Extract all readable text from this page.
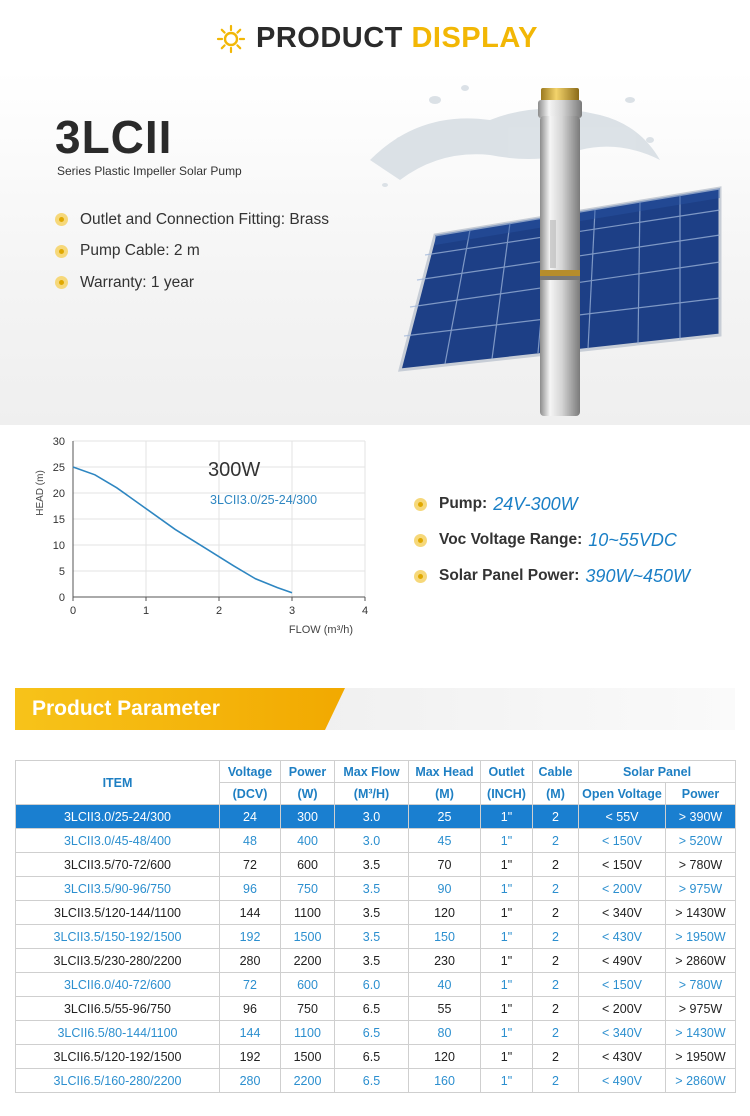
PRODUCT DISPLAY
3LCII
Series Plastic Impeller Solar Pump
Outlet and Connection Fitting: Brass
Pump Cable: 2 m
Warranty: 1 year
0
5
10
15
20
25
30
0	1	2	3	4
HEAD (m)
FLOW (m³/h)
300W
3LCII3.0/25-24/300	Pump: 24V-300W
Voc Voltage Range: 10~55VDC
Solar Panel Power: 390W~450W
Product Parameter
ITEM	Voltage	Power	Max Flow	Max Head	Outlet	Cable	Solar Panel	
	(DCV)	(W)	(M³/H)	(M)	(INCH)	(M)	Open Voltage	Power
3LCII3.0/25-24/300	24	300	3.0	25	1"	2	< 55V	> 390W
3LCII3.0/45-48/400	48	400	3.0	45	1"	2	< 150V	> 520W
3LCII3.5/70-72/600	72	600	3.5	70	1"	2	< 150V	> 780W
3LCII3.5/90-96/750	96	750	3.5	90	1"	2	< 200V	> 975W
3LCII3.5/120-144/1100	144	1100	3.5	120	1"	2	< 340V	> 1430W
3LCII3.5/150-192/1500	192	1500	3.5	150	1"	2	< 430V	> 1950W
3LCII3.5/230-280/2200	280	2200	3.5	230	1"	2	< 490V	> 2860W
3LCII6.0/40-72/600	72	600	6.0	40	1"	2	< 150V	> 780W
3LCII6.5/55-96/750	96	750	6.5	55	1"	2	< 200V	> 975W
3LCII6.5/80-144/1100	144	1100	6.5	80	1"	2	< 340V	> 1430W
3LCII6.5/120-192/1500	192	1500	6.5	120	1"	2	< 430V	> 1950W
3LCII6.5/160-280/2200	280	2200	6.5	160	1"	2	< 490V	> 2860W
